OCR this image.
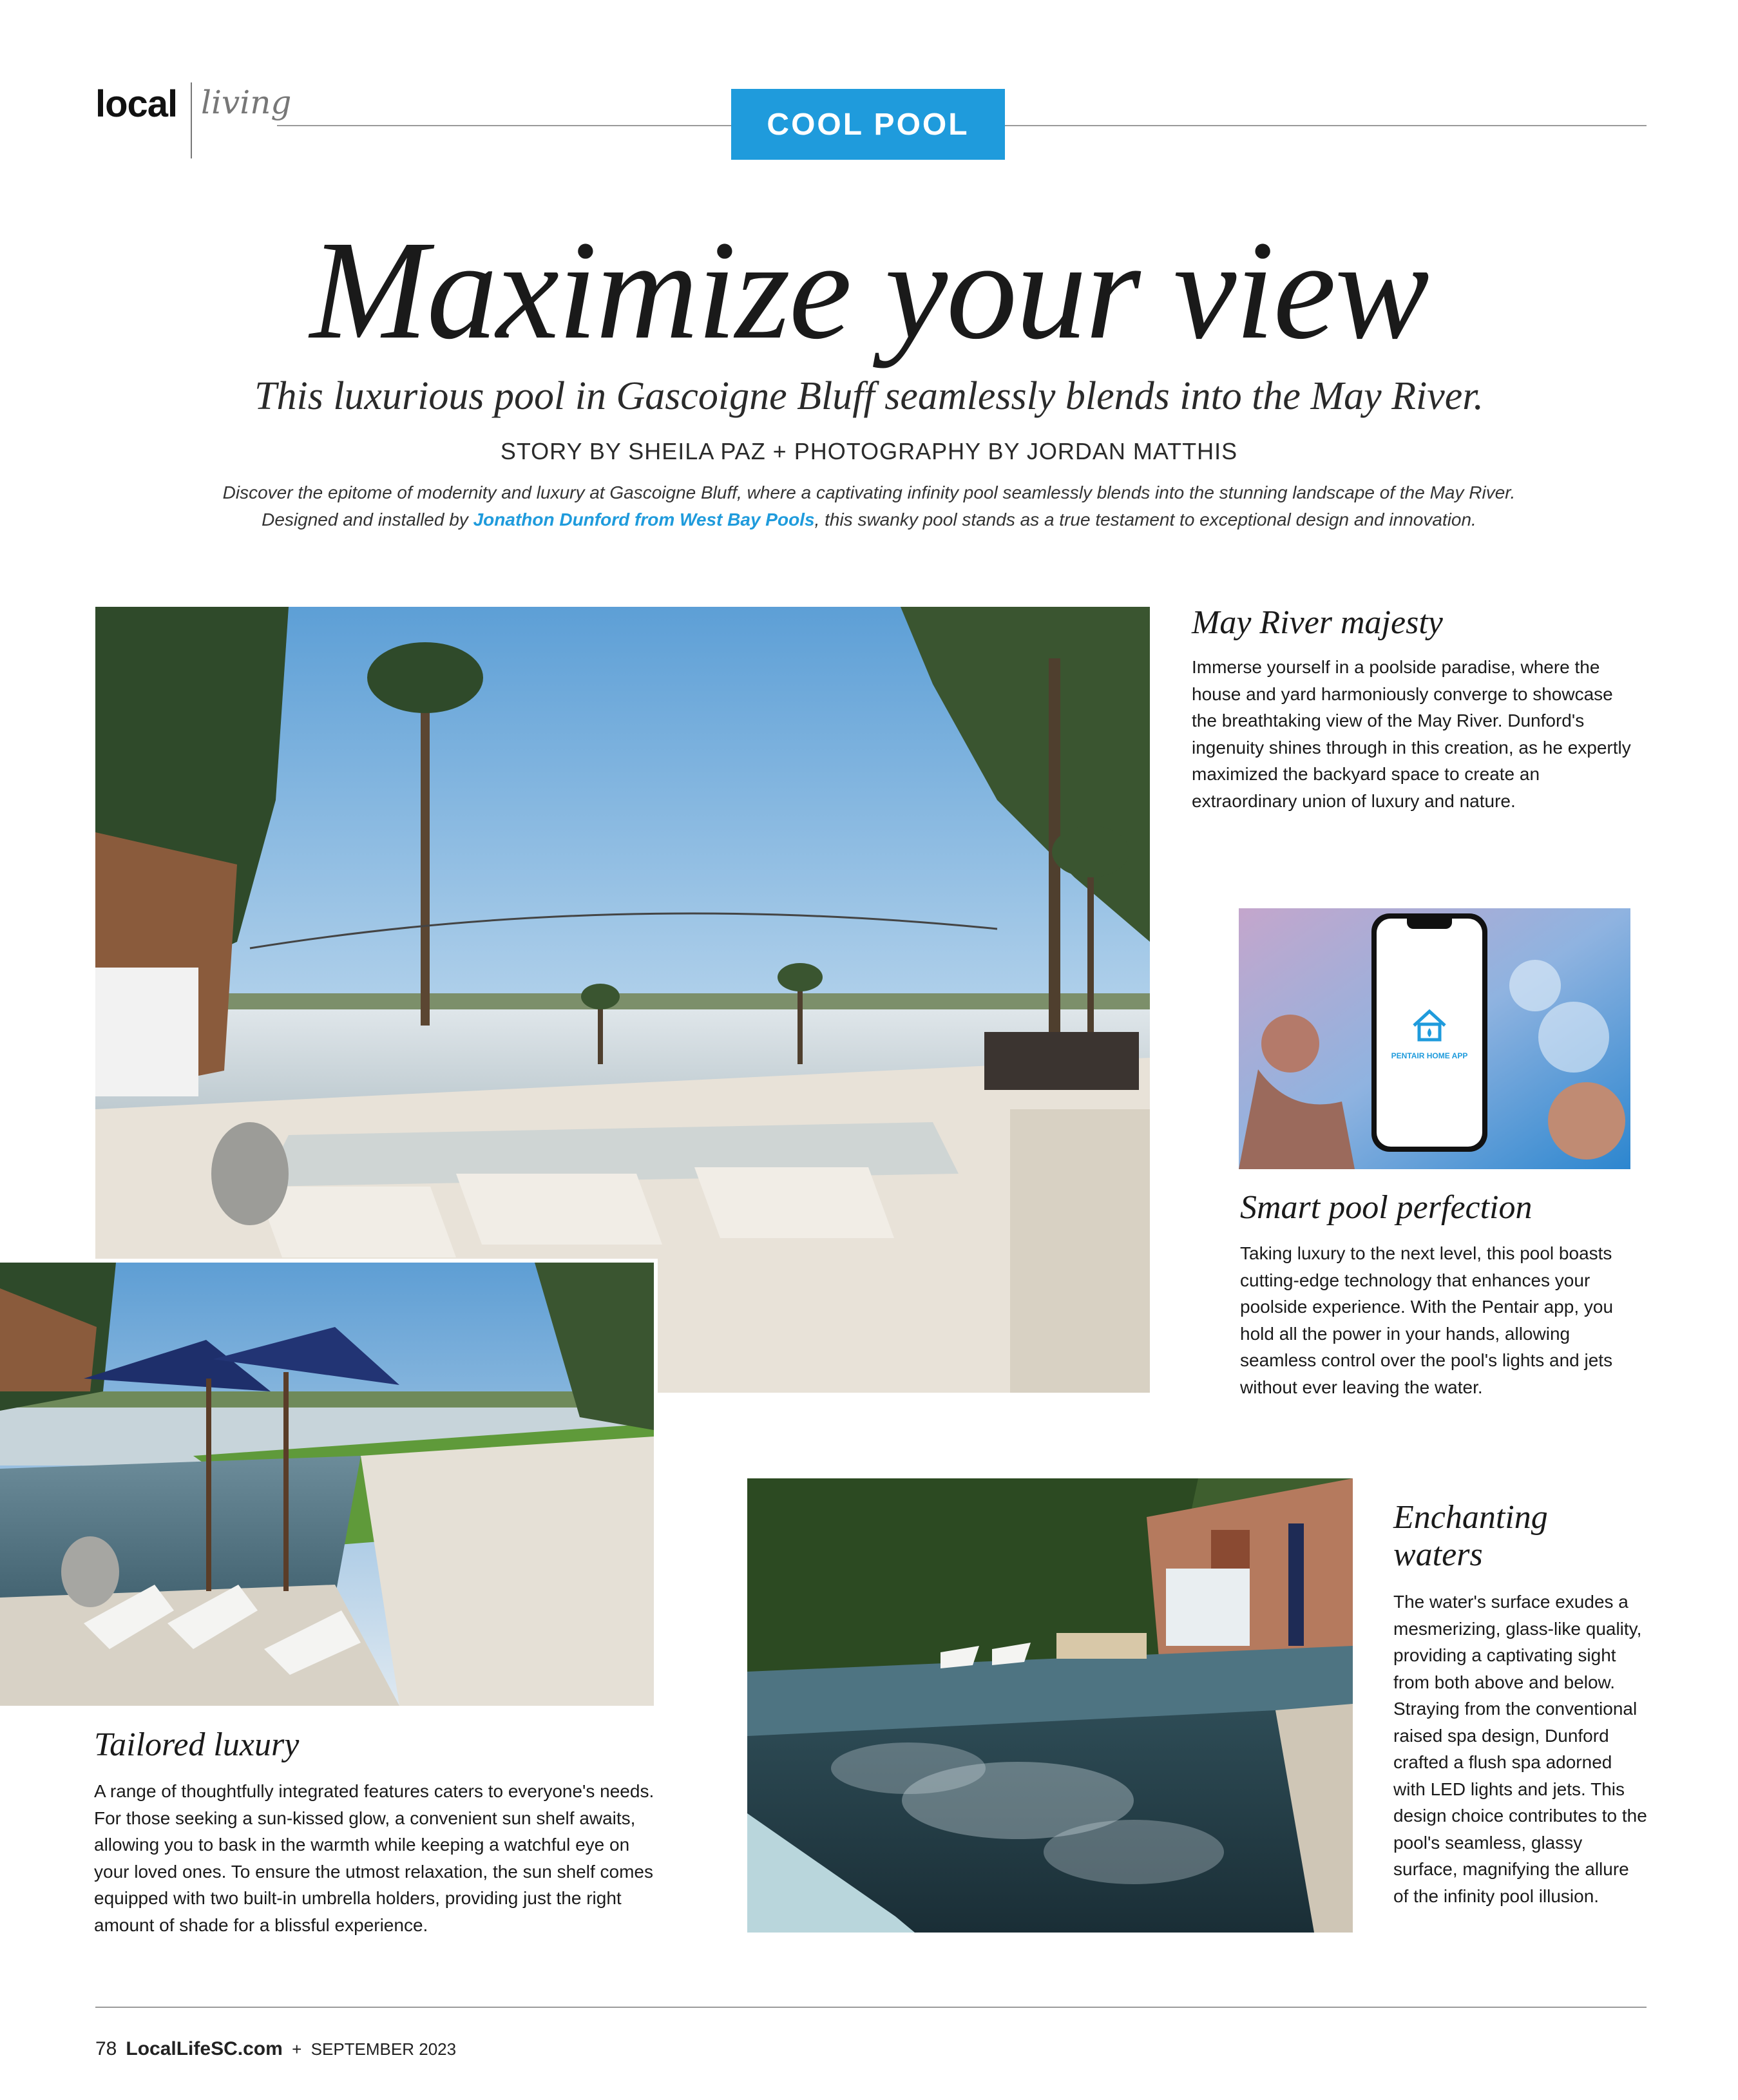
local living
COOL POOL
Maximize your view
This luxurious pool in Gascoigne Bluff seamlessly blends into the May River.
STORY BY SHEILA PAZ + PHOTOGRAPHY BY JORDAN MATTHIS
Discover the epitome of modernity and luxury at Gascoigne Bluff, where a captivating infinity pool seamlessly blends into the stunning landscape of the May River.
Designed and installed by Jonathon Dunford from West Bay Pools, this swanky pool stands as a true testament to exceptional design and innovation.
May River majesty
Immerse yourself in a poolside paradise, where the house and yard harmoniously converge to showcase the breathtaking view of the May River. Dunford's ingenuity shines through in this creation, as he expertly maximized the backyard space to create an extraordinary union of luxury and nature.
PENTAIR HOME APP
Smart pool perfection
Taking luxury to the next level, this pool boasts cutting-edge technology that enhances your poolside experience. With the Pentair app, you hold all the power in your hands, allowing seamless control over the pool's lights and jets without ever leaving the water.
Tailored luxury
A range of thoughtfully integrated features caters to everyone's needs. For those seeking a sun-kissed glow, a convenient sun shelf awaits, allowing you to bask in the warmth while keeping a watchful eye on your loved ones. To ensure the utmost relaxation, the sun shelf comes equipped with two built-in umbrella holders, providing just the right amount of shade for a blissful experience.
Enchanting waters
The water's surface exudes a mesmerizing, glass-like quality, providing a captivating sight from both above and below. Straying from the conventional raised spa design, Dunford crafted a flush spa adorned with LED lights and jets. This design choice contributes to the pool's seamless, glassy surface, magnifying the allure of the infinity pool illusion.
78 LocalLifeSC.com + SEPTEMBER 2023
